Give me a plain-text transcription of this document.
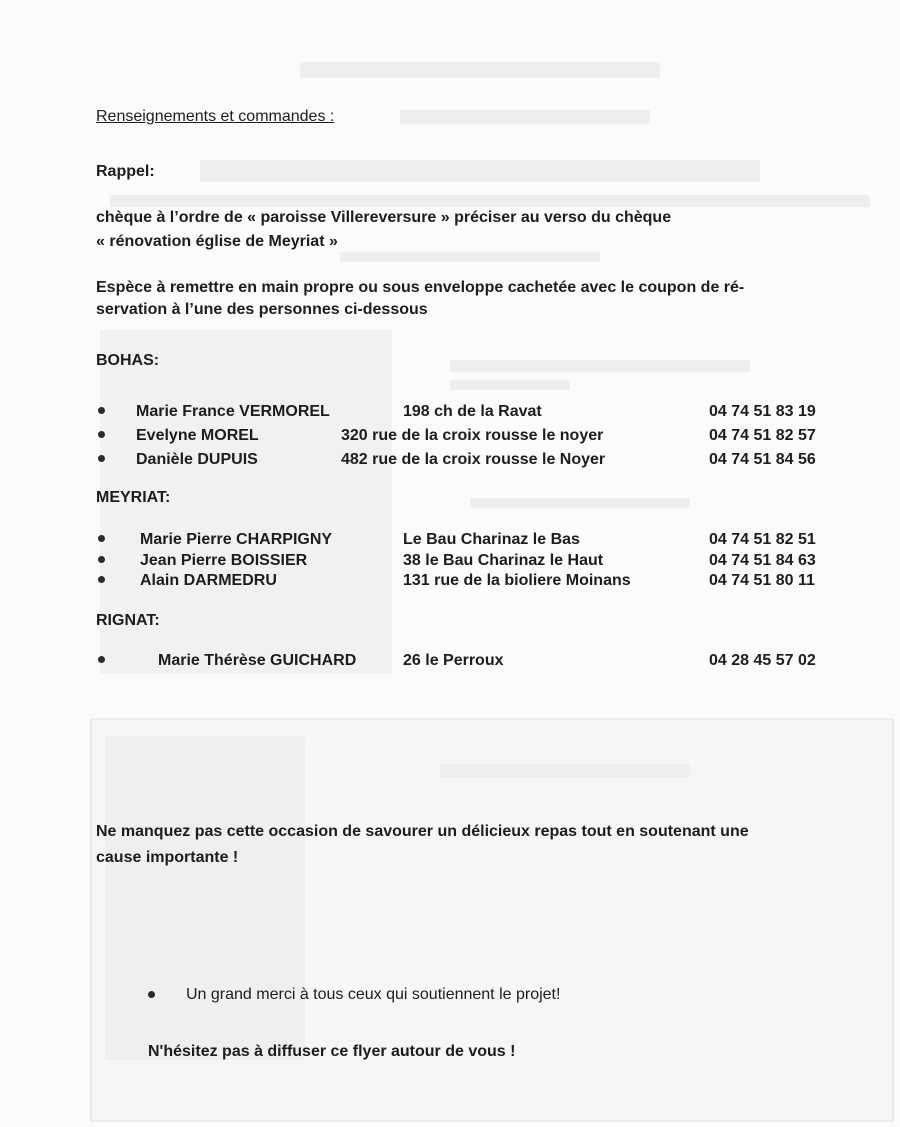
Renseignements et commandes :
Rappel:
chèque à l’ordre de « paroisse Villereversure » préciser au verso du chèque
« rénovation église de Meyriat »
Espèce à remettre en main propre ou sous enveloppe cachetée avec le coupon de ré-
servation à l’une des personnes ci-dessous
BOHAS:
Marie France VERMOREL	198 ch de la Ravat	04 74 51 83 19
Evelyne MOREL	320 rue de la croix rousse le noyer	04 74 51 82 57
Danièle DUPUIS	482 rue de la croix rousse le Noyer	04 74 51 84 56
MEYRIAT:
Marie Pierre CHARPIGNY	Le Bau Charinaz le Bas	04 74 51 82 51
Jean Pierre BOISSIER	38 le Bau Charinaz le Haut	04 74 51 84 63
Alain DARMEDRU	131 rue de la bioliere Moinans	04 74 51 80 11
RIGNAT:
Marie Thérèse GUICHARD	26 le Perroux	04 28 45 57 02
Ne manquez pas cette occasion de savourer un délicieux repas tout en soutenant une
cause importante !
Un grand merci à tous ceux qui soutiennent le projet!
N'hésitez pas à diffuser ce flyer autour de vous !
